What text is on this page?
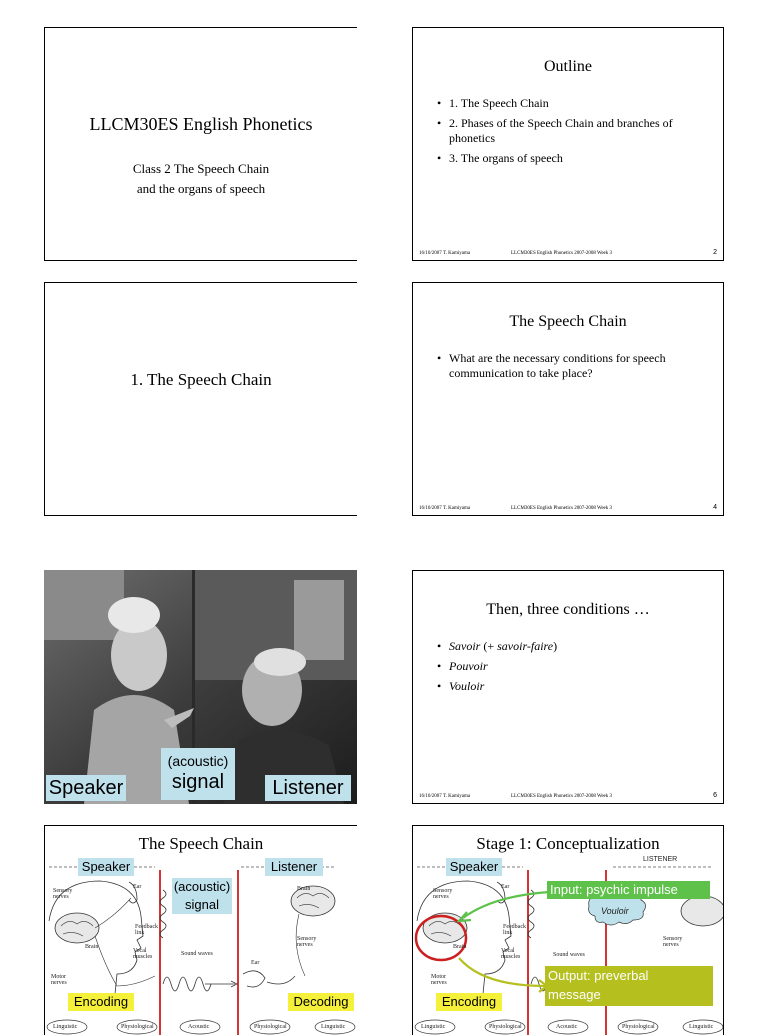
LLCM30ES English Phonetics
Class 2 The Speech Chain
and the organs of speech
Outline
• 1. The Speech Chain
• 2. Phases of the Speech Chain and branches of phonetics
• 3. The organs of speech
16/10/2007 T. Kamiyama	LLCM30ES English Phonetics 2007-2008 Week 3	2
1. The Speech Chain
The Speech Chain
• What are the necessary conditions for speech communication to take place?
16/10/2007 T. Kamiyama	LLCM30ES English Phonetics 2007-2008 Week 3	4
Speaker
(acoustic)
signal	Listener
Then, three conditions …
• Savoir (+ savoir-faire)
• Pouvoir
• Vouloir
16/10/2007 T. Kamiyama	LLCM30ES English Phonetics 2007-2008 Week 3	6
The Speech Chain
Speaker	Listener
(acoustic)
signal
Encoding	Decoding
Sensory nerves
Ear
Brain
Feedback link
Vocal muscles	Sound waves
Motor nerves
Brain
Sensory nerves
Ear
Linguistic	Physiological	Acoustic	Physiological	Linguistic
Stage 1: Conceptualization
Speaker	LISTENER
Input: psychic impulse
Vouloir
Output: preverbal
message
Encoding
Sensory nerves
Ear
Brain
Feedback link
Vocal muscles	Sound waves
Motor nerves
Sensory nerves
Linguistic	Physiological	Acoustic	Physiological	Linguistic
